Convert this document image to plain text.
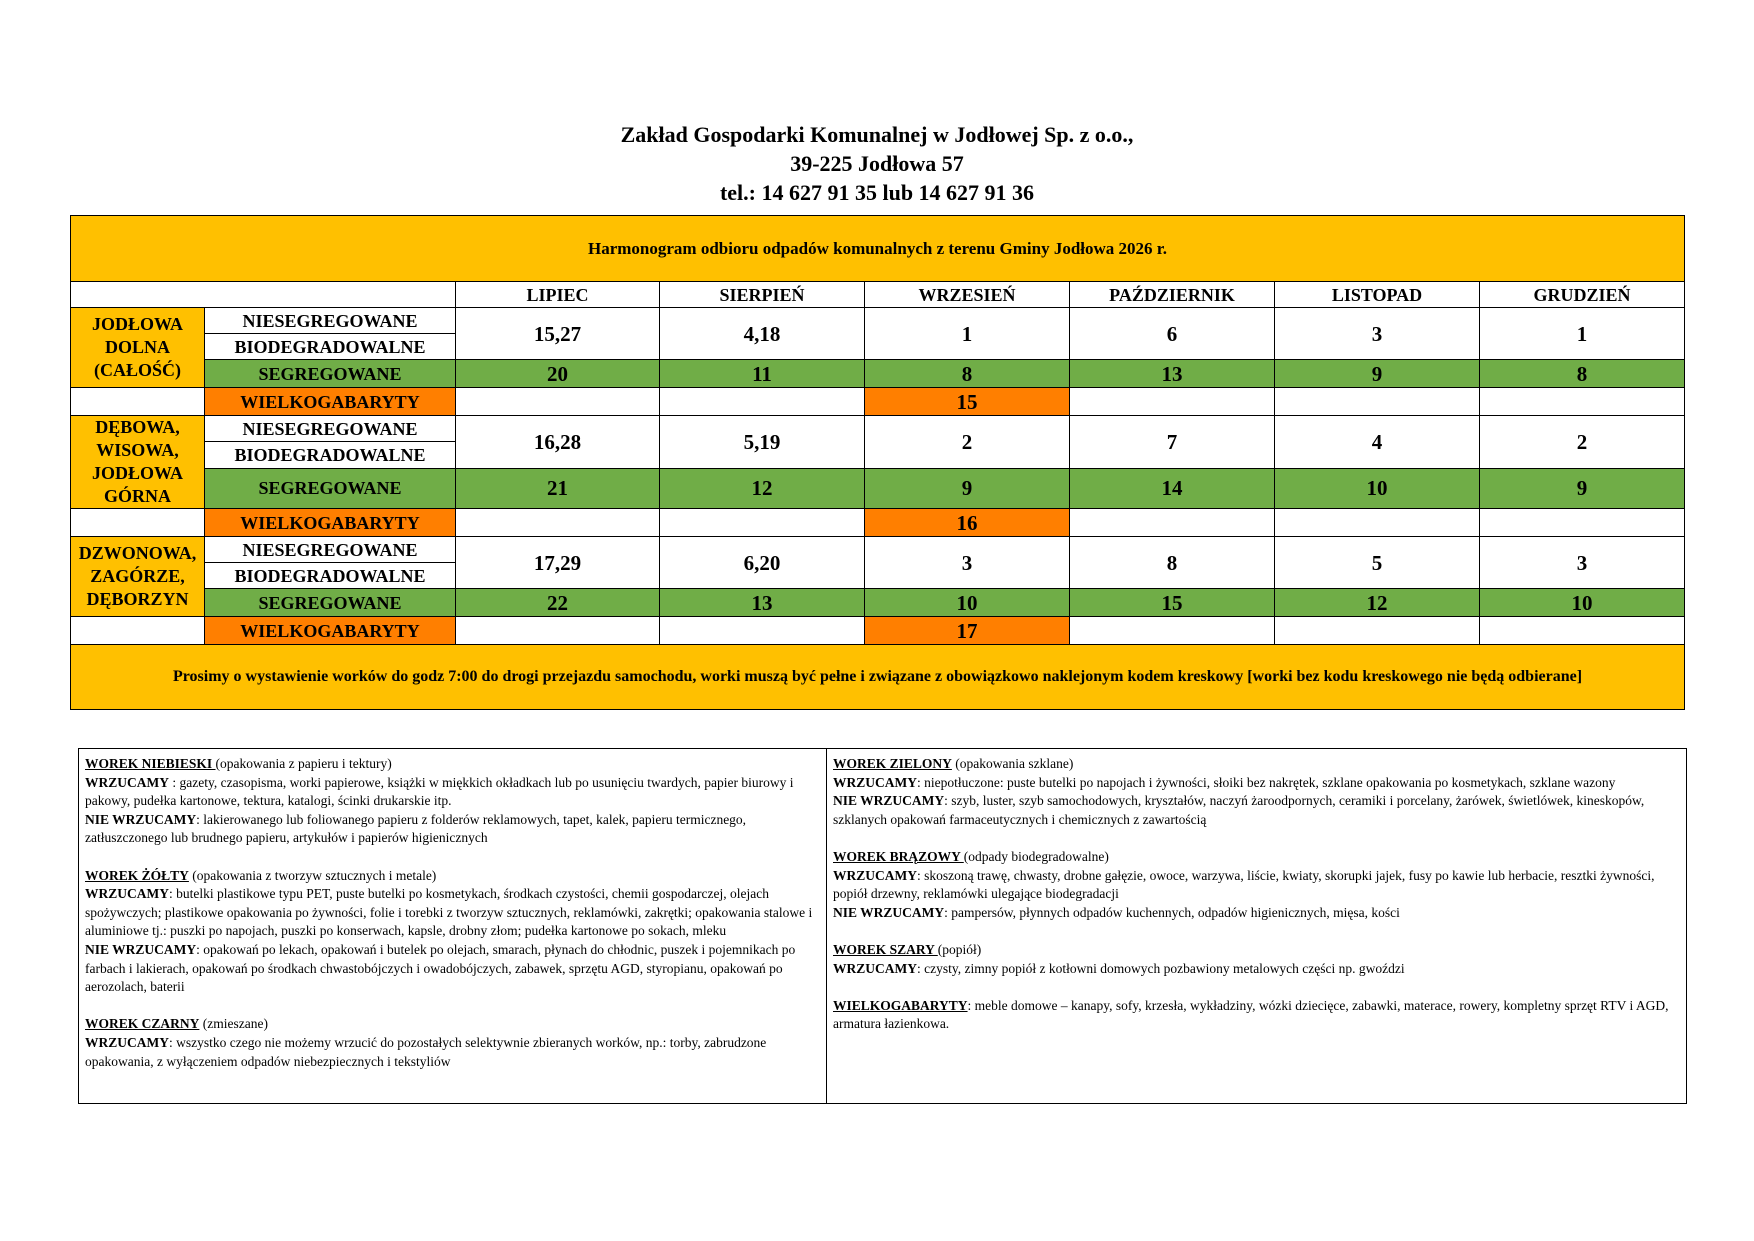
Zakład Gospodarki Komunalnej w Jodłowej Sp. z o.o.,
39-225 Jodłowa 57
tel.: 14 627 91 35 lub 14 627 91 36
Harmonogram odbioru odpadów komunalnych z terenu Gminy Jodłowa 2026 r.							
		LIPIEC	SIERPIEŃ	WRZESIEŃ	PAŹDZIERNIK	LISTOPAD	GRUDZIEŃ
JODŁOWA DOLNA (CAŁOŚĆ)	NIESEGREGOWANE	15,27	4,18	1	6	3	1
	BIODEGRADOWALNE						
	SEGREGOWANE	20	11	8	13	9	8
	WIELKOGABARYTY			15			
DĘBOWA, WISOWA, JODŁOWA GÓRNA	NIESEGREGOWANE	16,28	5,19	2	7	4	2
	BIODEGRADOWALNE						
	SEGREGOWANE	21	12	9	14	10	9
	WIELKOGABARYTY			16			
DZWONOWA, ZAGÓRZE, DĘBORZYN	NIESEGREGOWANE	17,29	6,20	3	8	5	3
	BIODEGRADOWALNE						
	SEGREGOWANE	22	13	10	15	12	10
	WIELKOGABARYTY			17			
Prosimy o wystawienie worków do godz 7:00 do drogi przejazdu samochodu, worki muszą być pełne i związane z obowiązkowo naklejonym kodem kreskowy [worki bez kodu kreskowego nie będą odbierane]							
WOREK NIEBIESKI (opakowania z papieru i tektury)
WRZUCAMY : gazety, czasopisma, worki papierowe, książki w miękkich okładkach lub po usunięciu twardych, papier biurowy i pakowy, pudełka kartonowe, tektura, katalogi, ścinki drukarskie itp.
NIE WRZUCAMY: lakierowanego lub foliowanego papieru z folderów reklamowych, tapet, kalek, papieru termicznego, zatłuszczonego lub brudnego papieru, artykułów i papierów higienicznych
WOREK ŻÓŁTY (opakowania z tworzyw sztucznych i metale)
WRZUCAMY: butelki plastikowe typu PET, puste butelki po kosmetykach, środkach czystości, chemii gospodarczej, olejach spożywczych; plastikowe opakowania po żywności, folie i torebki z tworzyw sztucznych, reklamówki, zakrętki; opakowania stalowe i aluminiowe tj.: puszki po napojach, puszki po konserwach, kapsle, drobny złom; pudełka kartonowe po sokach, mleku
NIE WRZUCAMY: opakowań po lekach, opakowań i butelek po olejach, smarach, płynach do chłodnic, puszek i pojemnikach po farbach i lakierach, opakowań po środkach chwastobójczych i owadobójczych, zabawek, sprzętu AGD, styropianu, opakowań po aerozolach, baterii
WOREK CZARNY (zmieszane)
WRZUCAMY: wszystko czego nie możemy wrzucić do pozostałych selektywnie zbieranych worków, np.: torby, zabrudzone opakowania, z wyłączeniem odpadów niebezpiecznych i tekstyliów

WOREK ZIELONY (opakowania szklane)
WRZUCAMY: niepotłuczone: puste butelki po napojach i żywności, słoiki bez nakrętek, szklane opakowania po kosmetykach, szklane wazony
NIE WRZUCAMY: szyb, luster, szyb samochodowych, kryształów, naczyń żaroodpornych, ceramiki i porcelany, żarówek, świetlówek, kineskopów, szklanych opakowań farmaceutycznych i chemicznych z zawartością
WOREK BRĄZOWY (odpady biodegradowalne)
WRZUCAMY: skoszoną trawę, chwasty, drobne gałęzie, owoce, warzywa, liście, kwiaty, skorupki jajek, fusy po kawie lub herbacie, resztki żywności, popiół drzewny, reklamówki ulegające biodegradacji
NIE WRZUCAMY: pampersów, płynnych odpadów kuchennych, odpadów higienicznych, mięsa, kości
WOREK SZARY (popiół)
WRZUCAMY: czysty, zimny popiół z kotłowni domowych pozbawiony metalowych części np. gwoździ
WIELKOGABARYTY: meble domowe – kanapy, sofy, krzesła, wykładziny, wózki dziecięce, zabawki, materace, rowery, kompletny sprzęt RTV i AGD, armatura łazienkowa.
